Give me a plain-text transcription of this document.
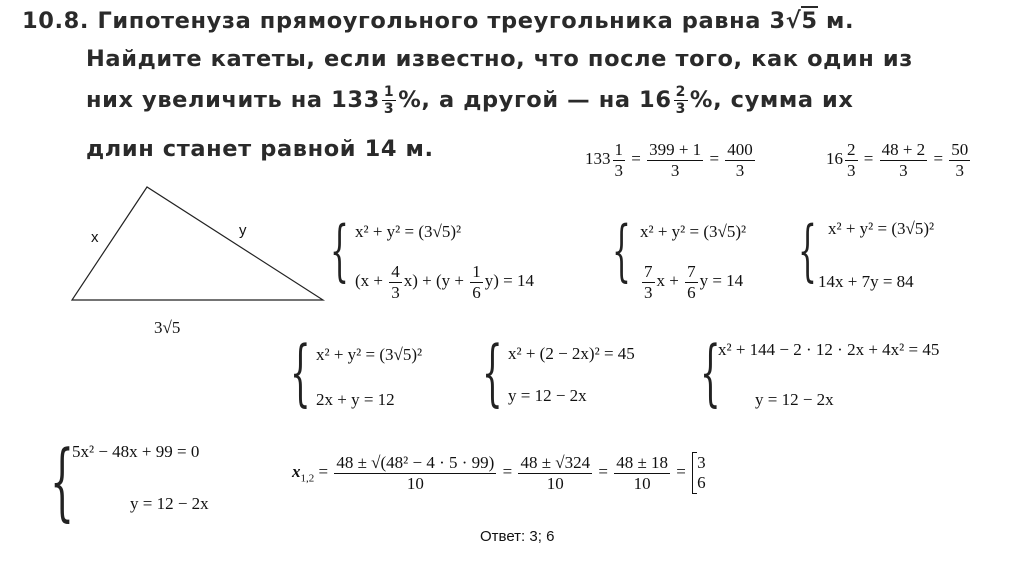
10.8. Гипотенуза прямоугольного треугольника равна 3√5 м.
Найдите катеты, если известно, что после того, как один из
них увеличить на $133 \frac{1}{3}$ %, а другой — на $16 \frac{2}{3}$ %, сумма их
длин станет равной 14 м.	$133 \frac{1}{3} = \frac{399 + 1}{3} = \frac{400}{3}$	$16 \frac{2}{3} = \frac{48 + 2}{3} = \frac{50}{3}$
x	y
3√5
{ x² + y² = (3√5)²
$(x + \frac{4}{3} x) + (y + \frac{1}{6} y) = 14$ { x² + y² = (3√5)²
$\frac{7}{3}$ $x + \frac{7}{6}$ y = 14 { x² + y² = (3√5)²
14x + 7y = 84
{ x² + y² = (3√5)²
2x + y = 12 { x² + (2 − 2x)² = 45
y = 12 − 2x {
x² + 144 − 2 · 12 · 2x + 4x² = 45
y = 12 − 2x
{
5x² − 48x + 99 = 0
y = 12 − 2x
$x_{1,2} = \frac{\text{48 ± √(48² − 4 · 5 · 99)}}{10} = \frac{48 \pm √324}{10} = \frac{48 \pm 18}{10} = 3$
6
Ответ: 3; 6
